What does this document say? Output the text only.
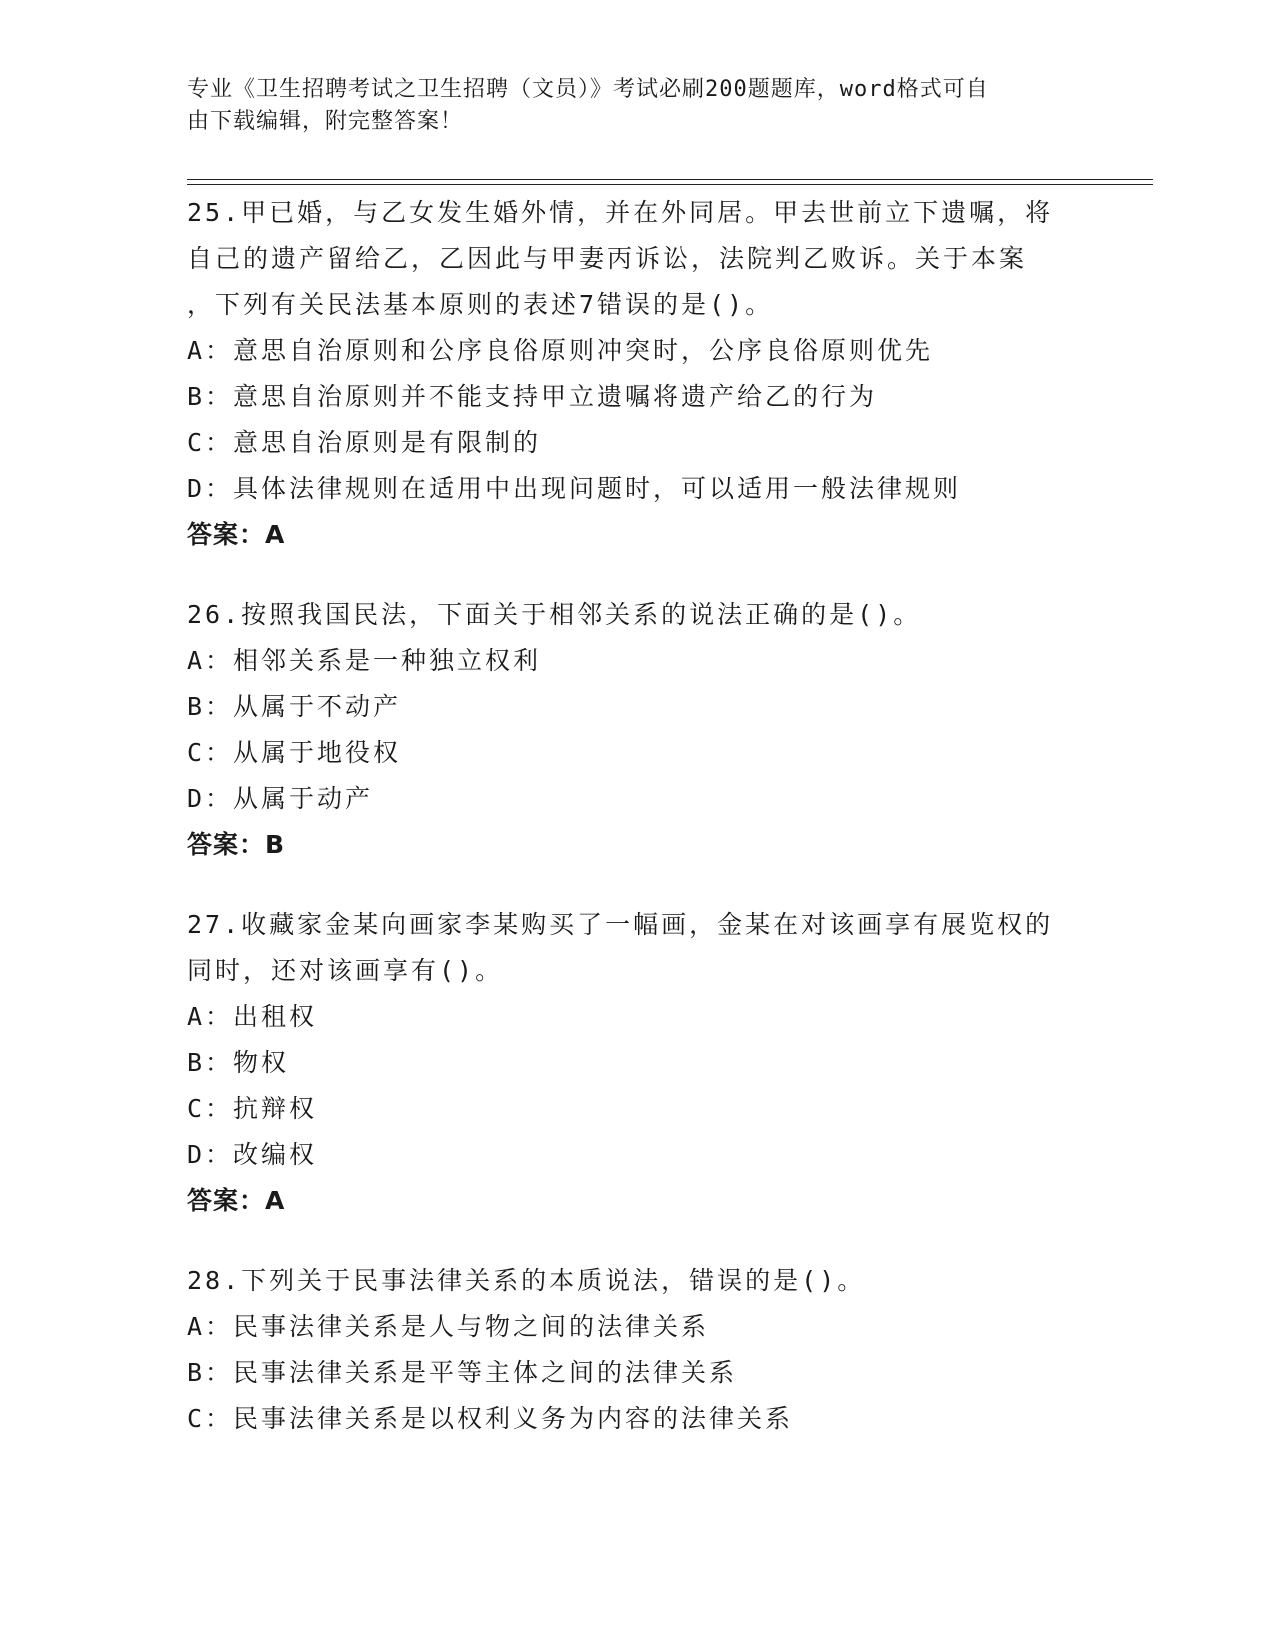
专业《卫生招聘考试之卫生招聘（文员）》考试必刷200题题库，word格式可自
由下载编辑，附完整答案！
25.甲已婚，与乙女发生婚外情，并在外同居。甲去世前立下遗嘱，将
自己的遗产留给乙，乙因此与甲妻丙诉讼，法院判乙败诉。关于本案
，下列有关民法基本原则的表述7错误的是()。
A：意思自治原则和公序良俗原则冲突时，公序良俗原则优先
B：意思自治原则并不能支持甲立遗嘱将遗产给乙的行为
C：意思自治原则是有限制的
D：具体法律规则在适用中出现问题时，可以适用一般法律规则
答案：A
26.按照我国民法，下面关于相邻关系的说法正确的是()。
A：相邻关系是一种独立权利
B：从属于不动产
C：从属于地役权
D：从属于动产
答案：B
27.收藏家金某向画家李某购买了一幅画，金某在对该画享有展览权的
同时，还对该画享有()。
A：出租权
B：物权
C：抗辩权
D：改编权
答案：A
28.下列关于民事法律关系的本质说法，错误的是()。
A：民事法律关系是人与物之间的法律关系
B：民事法律关系是平等主体之间的法律关系
C：民事法律关系是以权利义务为内容的法律关系
